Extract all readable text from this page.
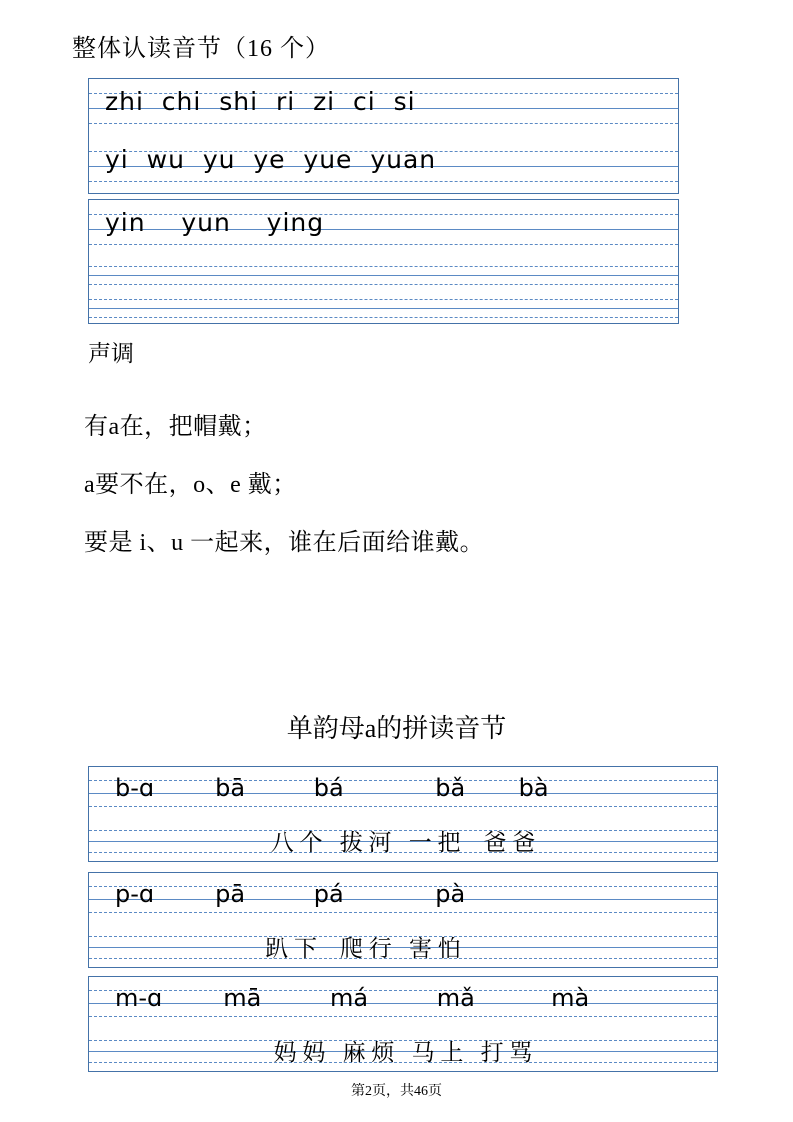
整体认读音节（16 个）
zhi  chi  shi  ri  zi  ci  si
yi  wu  yu  ye  yue  yuan
yin    yun    ying
声调
有a在，把帽戴；
a要不在，o、e 戴；
要是 i、u 一起来，谁在后面给谁戴。
单韵母a的拼读音节
b-ɑ        bā         bá            bǎ       bà
八 个   拔 河   一 把    爸 爸
p-ɑ        pā         pá            pà
趴 下    爬 行   害 怕
m-ɑ        mā         má         mǎ          mà
妈 妈   麻 烦   马 上   打 骂
第2页，共46页
